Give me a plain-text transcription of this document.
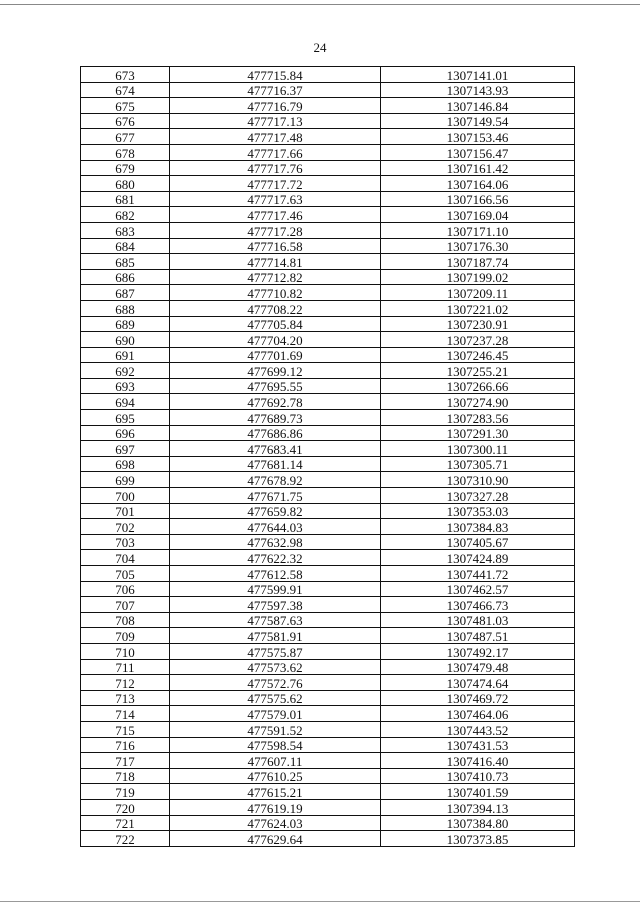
24
673	477715.84	1307141.01
674	477716.37	1307143.93
675	477716.79	1307146.84
676	477717.13	1307149.54
677	477717.48	1307153.46
678	477717.66	1307156.47
679	477717.76	1307161.42
680	477717.72	1307164.06
681	477717.63	1307166.56
682	477717.46	1307169.04
683	477717.28	1307171.10
684	477716.58	1307176.30
685	477714.81	1307187.74
686	477712.82	1307199.02
687	477710.82	1307209.11
688	477708.22	1307221.02
689	477705.84	1307230.91
690	477704.20	1307237.28
691	477701.69	1307246.45
692	477699.12	1307255.21
693	477695.55	1307266.66
694	477692.78	1307274.90
695	477689.73	1307283.56
696	477686.86	1307291.30
697	477683.41	1307300.11
698	477681.14	1307305.71
699	477678.92	1307310.90
700	477671.75	1307327.28
701	477659.82	1307353.03
702	477644.03	1307384.83
703	477632.98	1307405.67
704	477622.32	1307424.89
705	477612.58	1307441.72
706	477599.91	1307462.57
707	477597.38	1307466.73
708	477587.63	1307481.03
709	477581.91	1307487.51
710	477575.87	1307492.17
711	477573.62	1307479.48
712	477572.76	1307474.64
713	477575.62	1307469.72
714	477579.01	1307464.06
715	477591.52	1307443.52
716	477598.54	1307431.53
717	477607.11	1307416.40
718	477610.25	1307410.73
719	477615.21	1307401.59
720	477619.19	1307394.13
721	477624.03	1307384.80
722	477629.64	1307373.85
